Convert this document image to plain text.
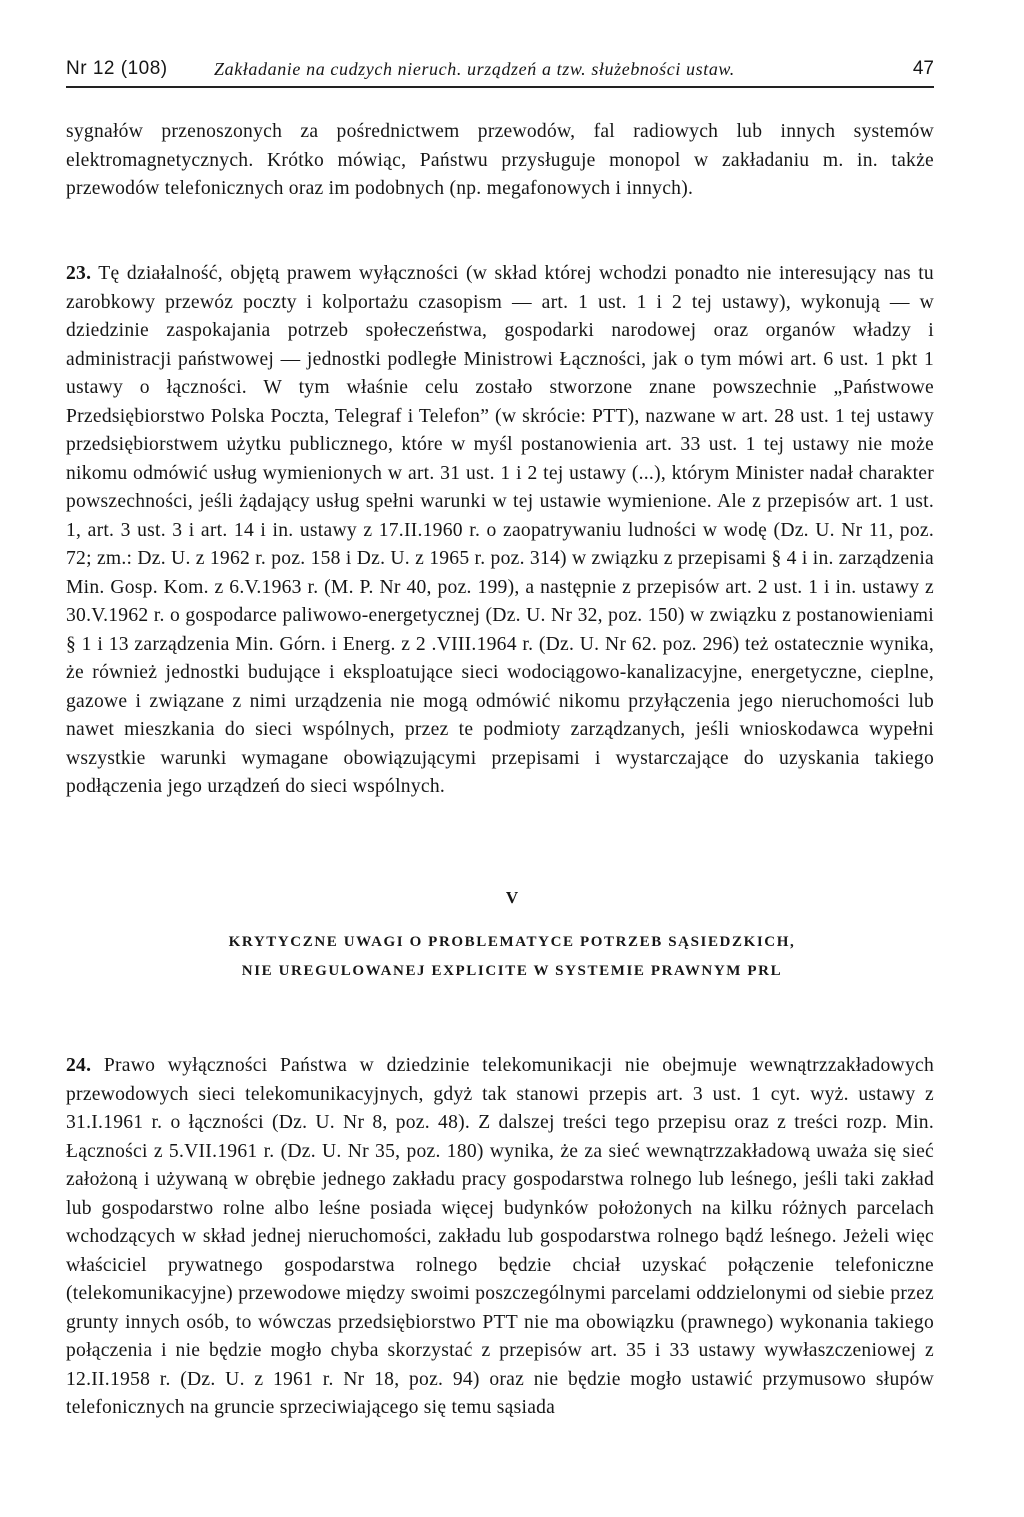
Nr 12 (108)	Zakładanie na cudzych nieruch. urządzeń a tzw. służebności ustaw.	47

sygnałów przenoszonych za pośrednictwem przewodów, fal radiowych lub innych systemów elektromagnetycznych. Krótko mówiąc, Państwu przysługuje monopol w zakładaniu m. in. także przewodów telefonicznych oraz im podobnych (np. megafonowych i innych).

23. Tę działalność, objętą prawem wyłączności (w skład której wchodzi ponadto nie interesujący nas tu zarobkowy przewóz poczty i kolportażu czasopism — art. 1 ust. 1 i 2 tej ustawy), wykonują — w dziedzinie zaspokajania potrzeb społeczeństwa, gospodarki narodowej oraz organów władzy i administracji państwowej — jednostki podległe Ministrowi Łączności, jak o tym mówi art. 6 ust. 1 pkt 1 ustawy o łączności. W tym właśnie celu zostało stworzone znane powszechnie „Państwowe Przedsiębiorstwo Polska Poczta, Telegraf i Telefon” (w skrócie: PTT), nazwane w art. 28 ust. 1 tej ustawy przedsiębiorstwem użytku publicznego, które w myśl postanowienia art. 33 ust. 1 tej ustawy nie może nikomu odmówić usług wymienionych w art. 31 ust. 1 i 2 tej ustawy (...), którym Minister nadał charakter powszechności, jeśli żądający usług spełni warunki w tej ustawie wymienione. Ale z przepisów art. 1 ust. 1, art. 3 ust. 3 i art. 14 i in. ustawy z 17.II.1960 r. o zaopatrywaniu ludności w wodę (Dz. U. Nr 11, poz. 72; zm.: Dz. U. z 1962 r. poz. 158 i Dz. U. z 1965 r. poz. 314) w związku z przepisami § 4 i in. zarządzenia Min. Gosp. Kom. z 6.V.1963 r. (M. P. Nr 40, poz. 199), a następnie z przepisów art. 2 ust. 1 i in. ustawy z 30.V.1962 r. o gospodarce paliwowo-energetycznej (Dz. U. Nr 32, poz. 150) w związku z postanowieniami § 1 i 13 zarządzenia Min. Górn. i Energ. z 2 .VIII.1964 r. (Dz. U. Nr 62. poz. 296) też ostatecznie wynika, że również jednostki budujące i eksploatujące sieci wodociągowo-kanalizacyjne, energetyczne, cieplne, gazowe i związane z nimi urządzenia nie mogą odmówić nikomu przyłączenia jego nieruchomości lub nawet mieszkania do sieci wspólnych, przez te podmioty zarządzanych, jeśli wnioskodawca wypełni wszystkie warunki wymagane obowiązującymi przepisami i wystarczające do uzyskania takiego podłączenia jego urządzeń do sieci wspólnych.

V
KRYTYCZNE UWAGI O PROBLEMATYCE POTRZEB SĄSIEDZKICH,
NIE UREGULOWANEJ EXPLICITE W SYSTEMIE PRAWNYM PRL

24. Prawo wyłączności Państwa w dziedzinie telekomunikacji nie obejmuje wewnątrzzakładowych przewodowych sieci telekomunikacyjnych, gdyż tak stanowi przepis art. 3 ust. 1 cyt. wyż. ustawy z 31.I.1961 r. o łączności (Dz. U. Nr 8, poz. 48). Z dalszej treści tego przepisu oraz z treści rozp. Min. Łączności z 5.VII.1961 r. (Dz. U. Nr 35, poz. 180) wynika, że za sieć wewnątrzzakładową uważa się sieć założoną i używaną w obrębie jednego zakładu pracy gospodarstwa rolnego lub leśnego, jeśli taki zakład lub gospodarstwo rolne albo leśne posiada więcej budynków położonych na kilku różnych parcelach wchodzących w skład jednej nieruchomości, zakładu lub gospodarstwa rolnego bądź leśnego. Jeżeli więc właściciel prywatnego gospodarstwa rolnego będzie chciał uzyskać połączenie telefoniczne (telekomunikacyjne) przewodowe między swoimi poszczególnymi parcelami oddzielonymi od siebie przez grunty innych osób, to wówczas przedsiębiorstwo PTT nie ma obowiązku (prawnego) wykonania takiego połączenia i nie będzie mogło chyba skorzystać z przepisów art. 35 i 33 ustawy wywłaszczeniowej z 12.II.1958 r. (Dz. U. z 1961 r. Nr 18, poz. 94) oraz nie będzie mogło ustawić przymusowo słupów telefonicznych na gruncie sprzeciwiającego się temu sąsiada
